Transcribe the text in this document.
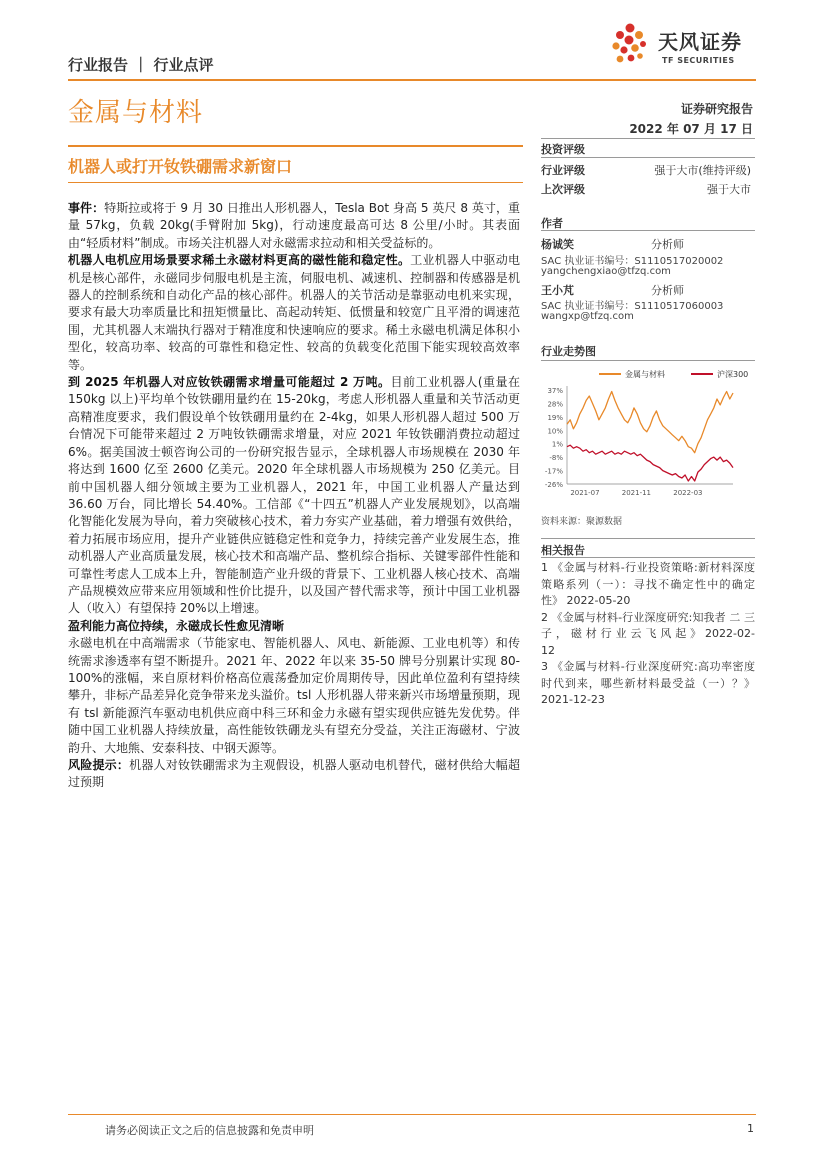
行业报告 ｜ 行业点评
天风证券
TF SECURITIES
金属与材料	证券研究报告
2022 年 07 月 17 日
机器人或打开钕铁硼需求新窗口

事件：特斯拉或将于 9 月 30 日推出人形机器人，Tesla Bot 身高 5 英尺 8 英寸，重量 57kg，负载 20kg(手臂附加 5kg)，行动速度最高可达 8 公里/小时。其表面由“轻质材料”制成。市场关注机器人对永磁需求拉动和相关受益标的。

机器人电机应用场景要求稀土永磁材料更高的磁性能和稳定性。工业机器人中驱动电机是核心部件，永磁同步伺服电机是主流，伺服电机、减速机、控制器和传感器是机器人的控制系统和自动化产品的核心部件。机器人的关节活动是靠驱动电机来实现，要求有最大功率质量比和扭矩惯量比、高起动转矩、低惯量和较宽广且平滑的调速范围，尤其机器人末端执行器对于精准度和快速响应的要求。稀土永磁电机满足体积小型化，较高功率、较高的可靠性和稳定性、较高的负载变化范围下能实现较高效率等。

到 2025 年机器人对应钕铁硼需求增量可能超过 2 万吨。目前工业机器人(重量在 150kg 以上)平均单个钕铁硼用量约在 15-20kg，考虑人形机器人重量和关节活动更高精准度要求，我们假设单个钕铁硼用量约在 2-4kg，如果人形机器人超过 500 万台情况下可能带来超过 2 万吨钕铁硼需求增量，对应 2021 年钕铁硼消费拉动超过 6%。据美国波士顿咨询公司的一份研究报告显示，全球机器人市场规模在 2030 年将达到 1600 亿至 2600 亿美元。2020 年全球机器人市场规模为 250 亿美元。目前中国机器人细分领域主要为工业机器人，2021 年，中国工业机器人产量达到 36.60 万台，同比增长 54.40%。工信部《“十四五”机器人产业发展规划》，以高端化智能化发展为导向，着力突破核心技术，着力夯实产业基础，着力增强有效供给，着力拓展市场应用，提升产业链供应链稳定性和竞争力，持续完善产业发展生态，推动机器人产业高质量发展，核心技术和高端产品、整机综合指标、关键零部件性能和可靠性考虑人工成本上升，智能制造产业升级的背景下、工业机器人核心技术、高端产品规模效应带来应用领域和性价比提升，以及国产替代需求等，预计中国工业机器人（收入）有望保持 20%以上增速。

盈利能力高位持续，永磁成长性愈见清晰

永磁电机在中高端需求（节能家电、智能机器人、风电、新能源、工业电机等）和传统需求渗透率有望不断提升。2021 年、2022 年以来 35-50 牌号分别累计实现 80-100%的涨幅，来自原材料价格高位震荡叠加定价周期传导，因此单位盈利有望持续攀升，非标产品差异化竞争带来龙头溢价。tsl 人形机器人带来新兴市场增量预期，现有 tsl 新能源汽车驱动电机供应商中科三环和金力永磁有望实现供应链先发优势。伴随中国工业机器人持续放量，高性能钕铁硼龙头有望充分受益，关注正海磁材、宁波韵升、大地熊、安泰科技、中钢天源等。

风险提示：机器人对钕铁硼需求为主观假设，机器人驱动电机替代，磁材供给大幅超过预期

投资评级
行业评级	强于大市(维持评级)
上次评级	强于大市
作者
杨诚笑	分析师
SAC 执业证书编号：S1110517020002
yangchengxiao@tfzq.com
王小芃	分析师
SAC 执业证书编号：S1110517060003
wangxp@tfzq.com
行业走势图
金属与材料	沪深300
37%
28%
19%
10%
1%
-8%
-17%
-26%
2021-07	2021-11	2022-03
资料来源：聚源数据
相关报告
1 《金属与材料-行业投资策略:新材料深度策略系列（一）：寻找不确定性中的确定性》 2022-05-20
2 《金属与材料-行业深度研究:知我者 二 三 子 ， 磁 材 行 业 云 飞 风 起 》 2022-02-12
3 《金属与材料-行业深度研究:高功率密度时代到来，哪些新材料最受益（一）？》 2021-12-23
请务必阅读正文之后的信息披露和免责申明	1
